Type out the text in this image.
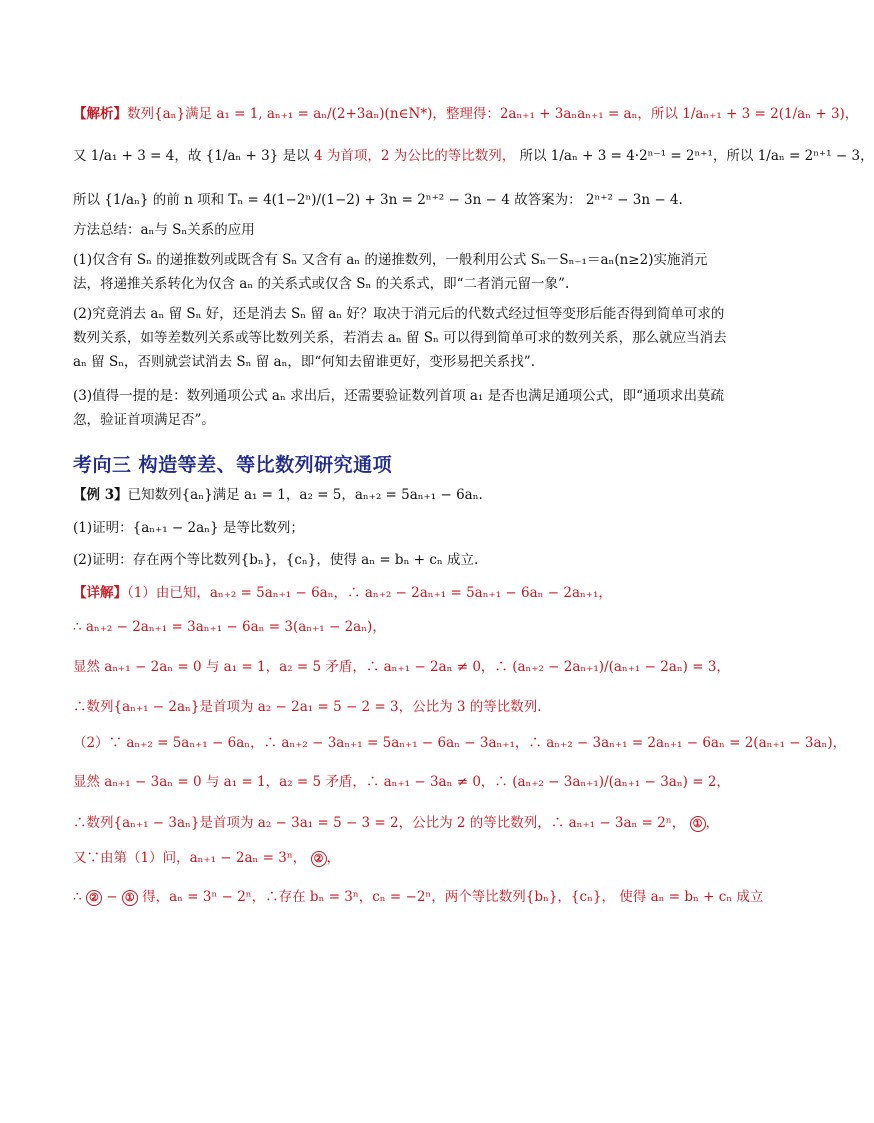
【解析】数列{aₙ}满足 a₁ = 1, aₙ₊₁ = aₙ/(2+3aₙ)(n∈N*)，整理得：2aₙ₊₁ + 3aₙaₙ₊₁ = aₙ，所以 1/aₙ₊₁ + 3 = 2(1/aₙ + 3)，
又 1/a₁ + 3 = 4，故 {1/aₙ + 3} 是以 4 为首项，2 为公比的等比数列， 所以 1/aₙ + 3 = 4·2ⁿ⁻¹ = 2ⁿ⁺¹，所以 1/aₙ = 2ⁿ⁺¹ − 3，
所以 {1/aₙ} 的前 n 项和 Tₙ = 4(1−2ⁿ)/(1−2) + 3n = 2ⁿ⁺² − 3n − 4 故答案为： 2ⁿ⁺² − 3n − 4.
方法总结：aₙ与 Sₙ关系的应用
(1)仅含有 Sₙ 的递推数列或既含有 Sₙ 又含有 aₙ 的递推数列，一般利用公式 Sₙ－Sₙ₋₁＝aₙ(n≥2)实施消元法，将递推关系转化为仅含 aₙ 的关系式或仅含 Sₙ 的关系式，即“二者消元留一象”.
(2)究竟消去 aₙ 留 Sₙ 好，还是消去 Sₙ 留 aₙ 好？取决于消元后的代数式经过恒等变形后能否得到简单可求的数列关系，如等差数列关系或等比数列关系，若消去 aₙ 留 Sₙ 可以得到简单可求的数列关系，那么就应当消去 aₙ 留 Sₙ，否则就尝试消去 Sₙ 留 aₙ，即“何知去留谁更好，变形易把关系找”.
(3)值得一提的是：数列通项公式 aₙ 求出后，还需要验证数列首项 a₁ 是否也满足通项公式，即“通项求出莫疏忽，验证首项满足否”。
考向三 构造等差、等比数列研究通项
【例 3】已知数列{aₙ}满足 a₁ = 1，a₂ = 5，aₙ₊₂ = 5aₙ₊₁ − 6aₙ.
(1)证明：{aₙ₊₁ − 2aₙ} 是等比数列；
(2)证明：存在两个等比数列{bₙ}，{cₙ}，使得 aₙ = bₙ + cₙ 成立.
【详解】（1）由已知，aₙ₊₂ = 5aₙ₊₁ − 6aₙ，∴ aₙ₊₂ − 2aₙ₊₁ = 5aₙ₊₁ − 6aₙ − 2aₙ₊₁，
∴ aₙ₊₂ − 2aₙ₊₁ = 3aₙ₊₁ − 6aₙ = 3(aₙ₊₁ − 2aₙ)，
显然 aₙ₊₁ − 2aₙ = 0 与 a₁ = 1，a₂ = 5 矛盾，∴ aₙ₊₁ − 2aₙ ≠ 0，∴ (aₙ₊₂ − 2aₙ₊₁)/(aₙ₊₁ − 2aₙ) = 3，
∴数列{aₙ₊₁ − 2aₙ}是首项为 a₂ − 2a₁ = 5 − 2 = 3，公比为 3 的等比数列.
（2）∵ aₙ₊₂ = 5aₙ₊₁ − 6aₙ，∴ aₙ₊₂ − 3aₙ₊₁ = 5aₙ₊₁ − 6aₙ − 3aₙ₊₁，∴ aₙ₊₂ − 3aₙ₊₁ = 2aₙ₊₁ − 6aₙ = 2(aₙ₊₁ − 3aₙ)，
显然 aₙ₊₁ − 3aₙ = 0 与 a₁ = 1，a₂ = 5 矛盾，∴ aₙ₊₁ − 3aₙ ≠ 0，∴ (aₙ₊₂ − 3aₙ₊₁)/(aₙ₊₁ − 3aₙ) = 2，
∴数列{aₙ₊₁ − 3aₙ}是首项为 a₂ − 3a₁ = 5 − 3 = 2，公比为 2 的等比数列，∴ aₙ₊₁ − 3aₙ = 2ⁿ， ① ，
又∵由第（1）问，aₙ₊₁ − 2aₙ = 3ⁿ， ② ，
∴ ② − ① 得，aₙ = 3ⁿ − 2ⁿ，∴存在 bₙ = 3ⁿ，cₙ = −2ⁿ，两个等比数列{bₙ}，{cₙ}， 使得 aₙ = bₙ + cₙ 成立
